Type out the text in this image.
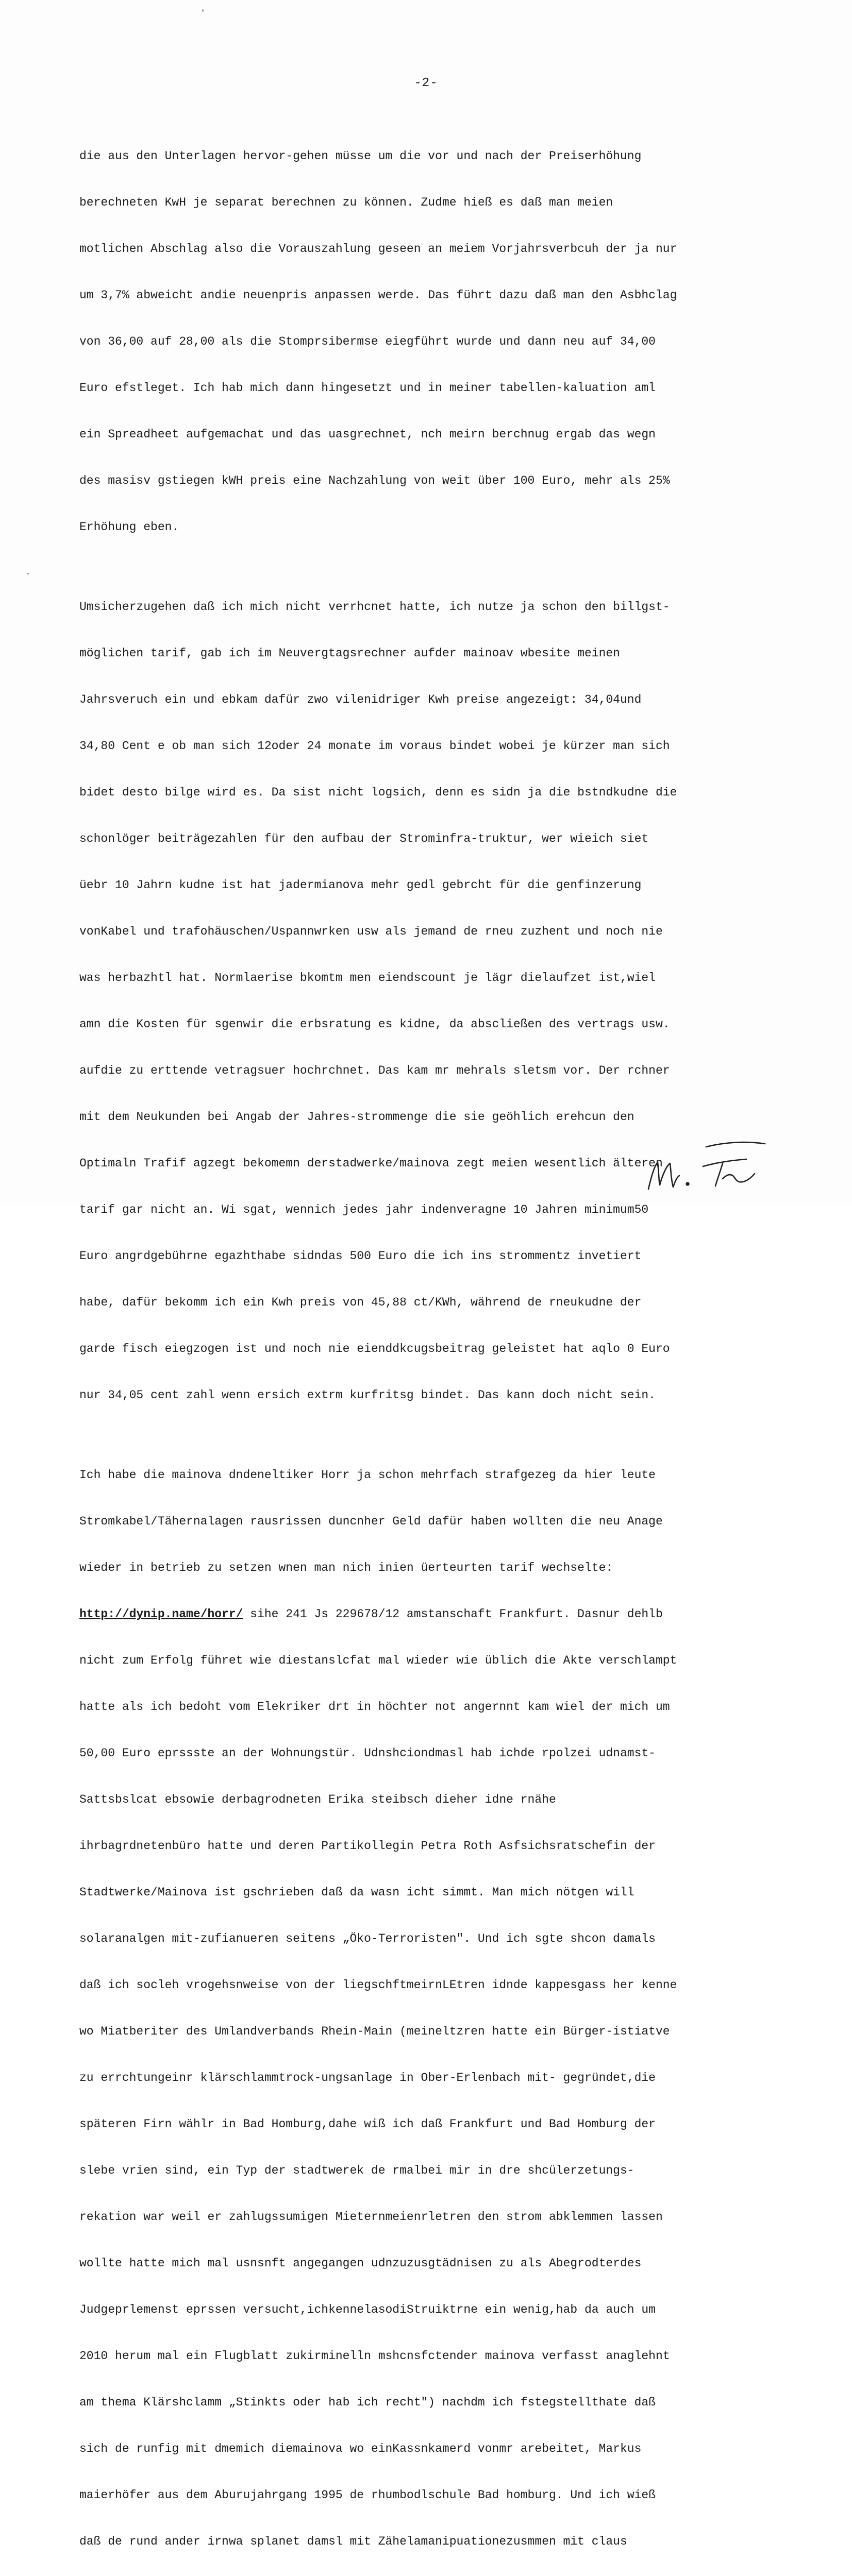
-2-

die aus den Unterlagen hervor-gehen müsse um die vor und nach der Preiserhöhung

berechneten KwH je separat berechnen zu können. Zudme hieß es daß man meien

motlichen Abschlag also die Vorauszahlung geseen an meiem Vorjahrsverbcuh der ja nur

um 3,7% abweicht andie neuenpris anpassen werde. Das führt dazu daß man den Asbhclag

von 36,00 auf 28,00 als die Stomprsibermse eiegführt wurde und dann neu auf 34,00

Euro efstleget. Ich hab mich dann hingesetzt und in meiner tabellen-kaluation aml

ein Spreadheet aufgemachat und das uasgrechnet, nch meirn berchnug ergab das wegn

des masisv gstiegen kWH preis eine Nachzahlung von weit über 100 Euro, mehr als 25%

Erhöhung eben.

Umsicherzugehen daß ich mich nicht verrhcnet hatte, ich nutze ja schon den billgst-

möglichen tarif, gab ich im Neuvergtagsrechner aufder mainoav wbesite meinen

Jahrsveruch ein und ebkam dafür zwo vilenidriger Kwh preise angezeigt: 34,04und

34,80 Cent e ob man sich 12oder 24 monate im voraus bindet wobei je kürzer man sich

bidet desto bilge wird es. Da sist nicht logsich, denn es sidn ja die bstndkudne die

schonlöger beiträgezahlen für den aufbau der Strominfra-truktur, wer wieich siet

üebr 10 Jahrn kudne ist hat jadermianova mehr gedl gebrcht für die genfinzerung

vonKabel und trafohäuschen/Uspannwrken usw als jemand de rneu zuzhent und noch nie

was herbazhtl hat. Normlaerise bkomtm men eiendscount je lägr dielaufzet ist,wiel

amn die Kosten für sgenwir die erbsratung es kidne, da abscließen des vertrags usw.

aufdie zu erttende vetragsuer hochrchnet. Das kam mr mehrals sletsm vor. Der rchner

mit dem Neukunden bei Angab der Jahres-strommenge die sie geöhlich erehcun den

Optimaln Trafif agzegt bekomemn derstadwerke/mainova zegt meien wesentlich älteren

tarif gar nicht an. Wi sgat, wennich jedes jahr indenveragne 10 Jahren minimum50

Euro angrdgebührne egazhthabe sidndas 500 Euro die ich ins strommentz invetiert

habe, dafür bekomm ich ein Kwh preis von 45,88 ct/KWh, während de rneukudne der

garde fisch eiegzogen ist und noch nie eienddkcugsbeitrag geleistet hat aqlo 0 Euro

nur 34,05 cent zahl wenn ersich extrm kurfritsg bindet. Das kann doch nicht sein.

Ich habe die mainova dndeneltiker Horr ja schon mehrfach strafgezeg da hier leute

Stromkabel/Tähernalagen rausrissen duncnher Geld dafür haben wollten die neu Anage

wieder in betrieb zu setzen wnen man nich inien üerteurten tarif wechselte:

http://dynip.name/horr/ sihe 241 Js 229678/12 amstanschaft Frankfurt. Dasnur dehlb

nicht zum Erfolg führet wie diestanslcfat mal wieder wie üblich die Akte verschlampt

hatte als ich bedoht vom Elekriker drt in höchter not angernnt kam wiel der mich um

50,00 Euro eprssste an der Wohnungstür. Udnshciondmasl hab ichde rpolzei udnamst-

Sattsbslcat ebsowie derbagrodneten Erika steibsch dieher idne rnähe

ihrbagrdnetenbüro hatte und deren Partikollegin Petra Roth Asfsichsratschefin der

Stadtwerke/Mainova ist gschrieben daß da wasn icht simmt. Man mich nötgen will

solaranalgen mit-zufianueren seitens „Öko-Terroristen". Und ich sgte shcon damals

daß ich socleh vrogehsnweise von der liegschftmeirnLEtren idnde kappesgass her kenne

wo Miatberiter des Umlandverbands Rhein-Main (meineltzren hatte ein Bürger-istiatve

zu errchtungeinr klärschlammtrock-ungsanlage in Ober-Erlenbach mit- gegründet,die

späteren Firn wählr in Bad Homburg,dahe wiß ich daß Frankfurt und Bad Homburg der

slebe vrien sind, ein Typ der stadtwerek de rmalbei mir in dre shcülerzetungs-

rekation war weil er zahlugssumigen Mieternmeienrletren den strom abklemmen lassen

wollte hatte mich mal usnsnft angegangen udnzuzusgtädnisen zu als Abegrodterdes

Judgeprlemenst eprssen versucht,ichkennelasodiStruiktrne ein wenig,hab da auch um

2010 herum mal ein Flugblatt zukirminelln mshcnsfctender mainova verfasst anaglehnt

am thema Klärshclamm „Stinkts oder hab ich recht") nachdm ich fstegstellthate daß

sich de runfig mit dmemich diemainova wo einKassnkamerd vonmr arebeitet, Markus

maierhöfer aus dem Aburujahrgang 1995 de rhumbodlschule Bad homburg. Und ich wieß

daß de rund ander irnwa splanet damsl mit Zähelamanipuationezusmmen mit claus
